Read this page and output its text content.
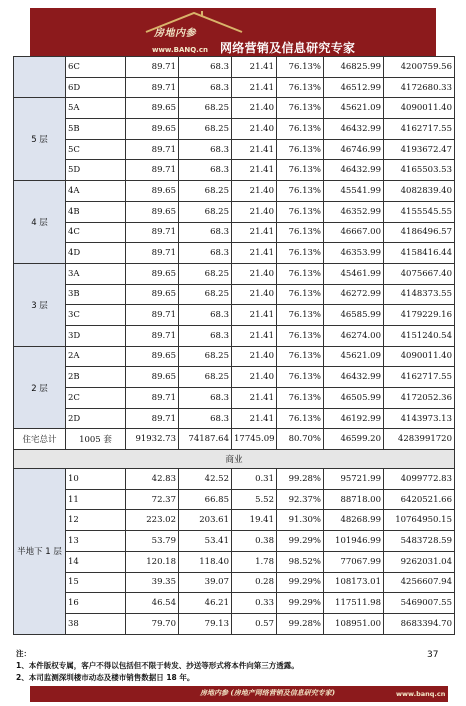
房地内参
www.BANQ.cn 网络营销及信息研究专家
	6C	89.71	68.3	21.41	76.13%	46825.99	4200759.56
	6D	89.71	68.3	21.41	76.13%	46512.99	4172680.33
5 层	5A	89.65	68.25	21.40	76.13%	45621.09	4090011.40
	5B	89.65	68.25	21.40	76.13%	46432.99	4162717.55
	5C	89.71	68.3	21.41	76.13%	46746.99	4193672.47
	5D	89.71	68.3	21.41	76.13%	46432.99	4165503.53
4 层	4A	89.65	68.25	21.40	76.13%	45541.99	4082839.40
	4B	89.65	68.25	21.40	76.13%	46352.99	4155545.55
	4C	89.71	68.3	21.41	76.13%	46667.00	4186496.57
	4D	89.71	68.3	21.41	76.13%	46353.99	4158416.44
3 层	3A	89.65	68.25	21.40	76.13%	45461.99	4075667.40
	3B	89.65	68.25	21.40	76.13%	46272.99	4148373.55
	3C	89.71	68.3	21.41	76.13%	46585.99	4179229.16
	3D	89.71	68.3	21.41	76.13%	46274.00	4151240.54
2 层	2A	89.65	68.25	21.40	76.13%	45621.09	4090011.40
	2B	89.65	68.25	21.40	76.13%	46432.99	4162717.55
	2C	89.71	68.3	21.41	76.13%	46505.99	4172052.36
	2D	89.71	68.3	21.41	76.13%	46192.99	4143973.13
住宅总计	1005 套	91932.73	74187.64	17745.09	80.70%	46599.20	4283991720
商业							
半地下 1 层	10	42.83	42.52	0.31	99.28%	95721.99	4099772.83
	11	72.37	66.85	5.52	92.37%	88718.00	6420521.66
	12	223.02	203.61	19.41	91.30%	48268.99	10764950.15
	13	53.79	53.41	0.38	99.29%	101946.99	5483728.59
	14	120.18	118.40	1.78	98.52%	77067.99	9262031.04
	15	39.35	39.07	0.28	99.29%	108173.01	4256607.94
	16	46.54	46.21	0.33	99.29%	117511.98	5469007.55
	38	79.70	79.13	0.57	99.28%	108951.00	8683394.70
注：
1、本件版权专属，客户不得以包括但不限于转发、抄送等形式将本件向第三方透露。
2、本司监测深圳楼市动态及楼市销售数据日 18 年。
37
房地内参 (房地产网络营销及信息研究专家)	www.banq.cn
